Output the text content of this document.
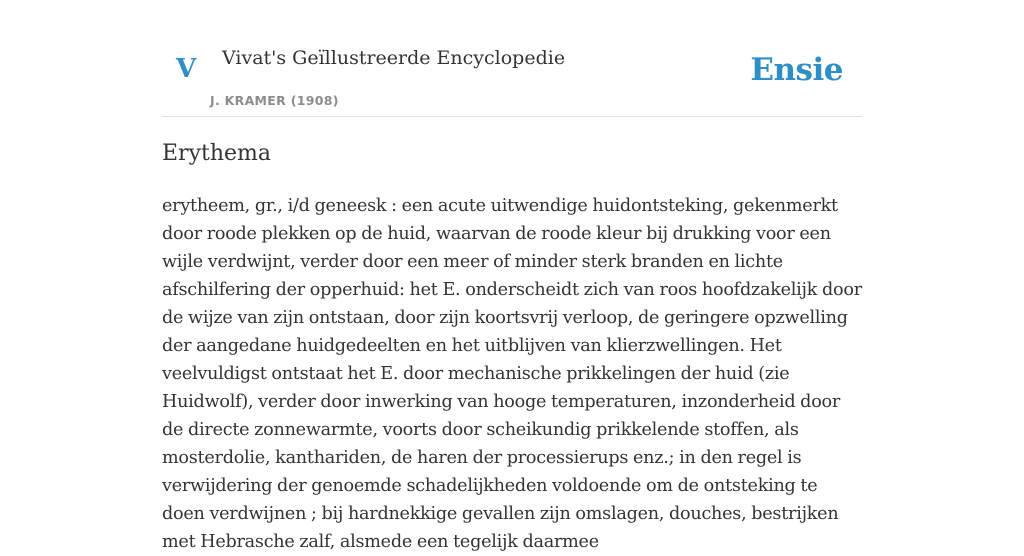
V Vivat's Geïllustreerde Encyclopedie
J. KRAMER (1908)
Ensie
Erythema

erytheem, gr., i/d geneesk : een acute uitwendige huidontsteking, gekenmerkt door roode plekken op de huid, waarvan de roode kleur bij drukking voor een wijle verdwijnt, verder door een meer of minder sterk branden en lichte afschilfering der opperhuid: het E. onderscheidt zich van roos hoofdzakelijk door de wijze van zijn ontstaan, door zijn koortsvrij verloop, de geringere opzwelling der aangedane huidgedeelten en het uitblijven van klierzwellingen. Het veelvuldigst ontstaat het E. door mechanische prikkelingen der huid (zie Huidwolf), verder door inwerking van hooge temperaturen, inzonderheid door de directe zonnewarmte, voorts door scheikundig prikkelende stoffen, als mosterdolie, kanthariden, de haren der processierups enz.; in den regel is verwijdering der genoemde schadelijkheden voldoende om de ontsteking te doen verdwijnen ; bij hardnekkige gevallen zijn omslagen, douches, bestrijken met Hebrasche zalf, alsmede een tegelijk daarmee
